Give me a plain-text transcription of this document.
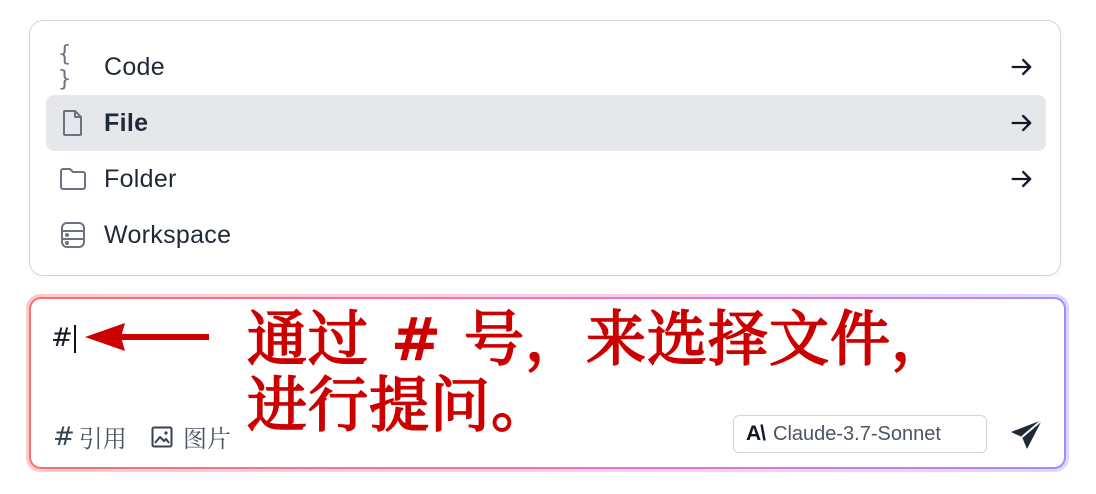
{ }	Code
File
Folder
Workspace
#	通过 # 号，来选择文件，进行提问。
# 引用 图片	A\ Claude-3.7-Sonnet
